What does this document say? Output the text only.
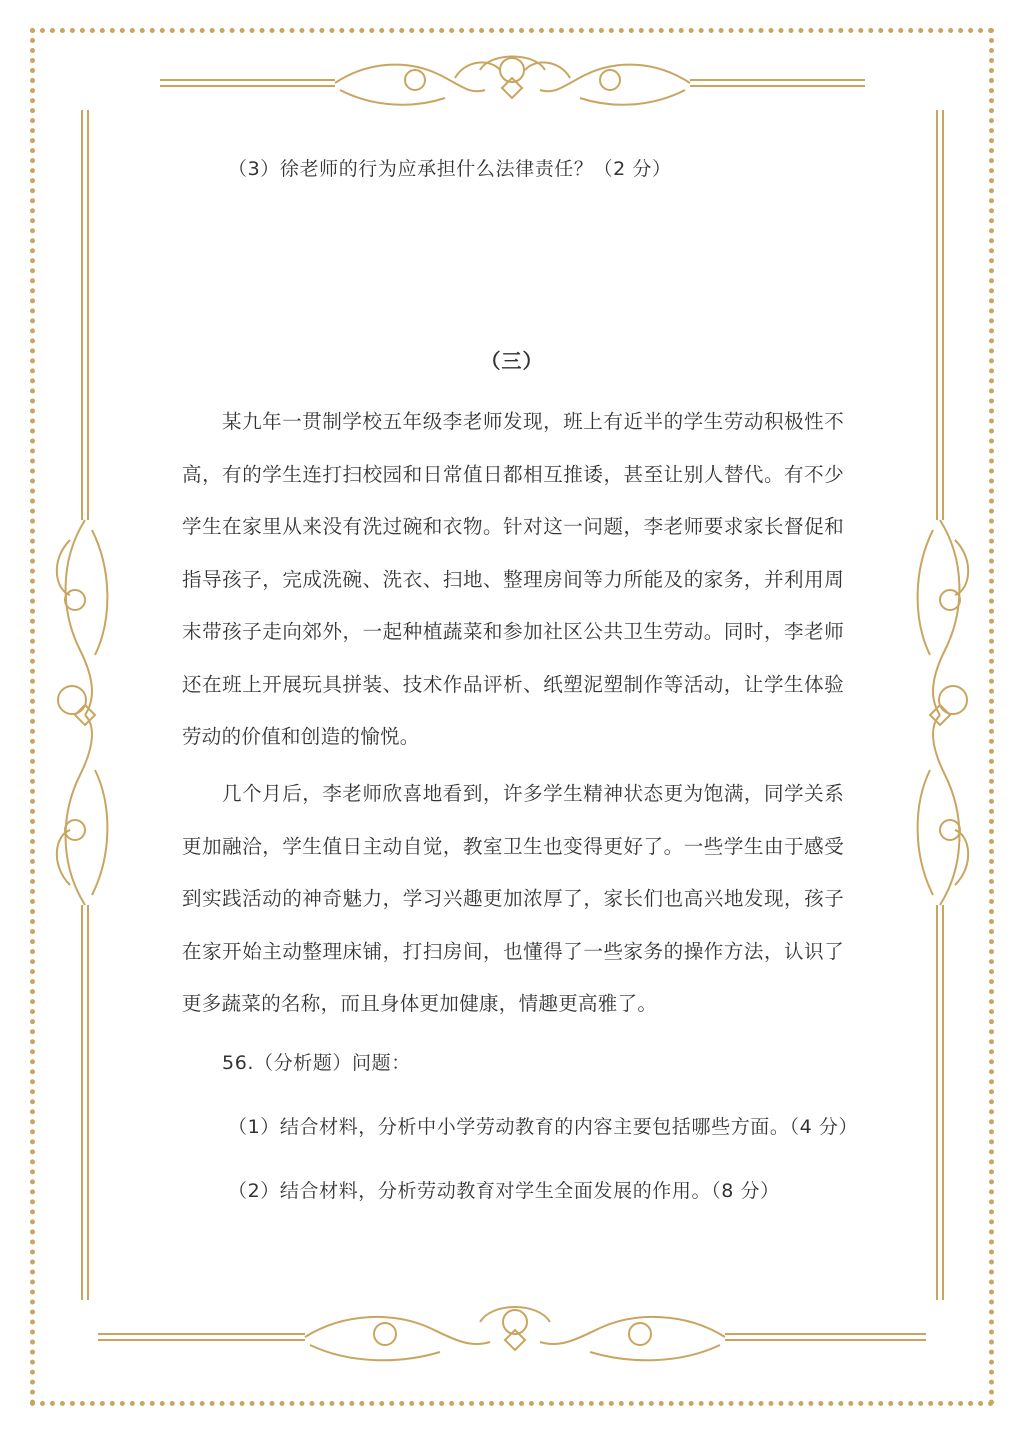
（3）徐老师的行为应承担什么法律责任？（2 分）
（三）
某九年一贯制学校五年级李老师发现，班上有近半的学生劳动积极性不高，有的学生连打扫校园和日常值日都相互推诿，甚至让别人替代。有不少学生在家里从来没有洗过碗和衣物。针对这一问题，李老师要求家长督促和指导孩子，完成洗碗、洗衣、扫地、整理房间等力所能及的家务，并利用周末带孩子走向郊外，一起种植蔬菜和参加社区公共卫生劳动。同时，李老师还在班上开展玩具拼装、技术作品评析、纸塑泥塑制作等活动，让学生体验劳动的价值和创造的愉悦。
几个月后，李老师欣喜地看到，许多学生精神状态更为饱满，同学关系更加融洽，学生值日主动自觉，教室卫生也变得更好了。一些学生由于感受到实践活动的神奇魅力，学习兴趣更加浓厚了，家长们也高兴地发现，孩子在家开始主动整理床铺，打扫房间，也懂得了一些家务的操作方法，认识了更多蔬菜的名称，而且身体更加健康，情趣更高雅了。
56.（分析题）问题：
（1）结合材料，分析中小学劳动教育的内容主要包括哪些方面。（4 分）
（2）结合材料，分析劳动教育对学生全面发展的作用。（8 分）
